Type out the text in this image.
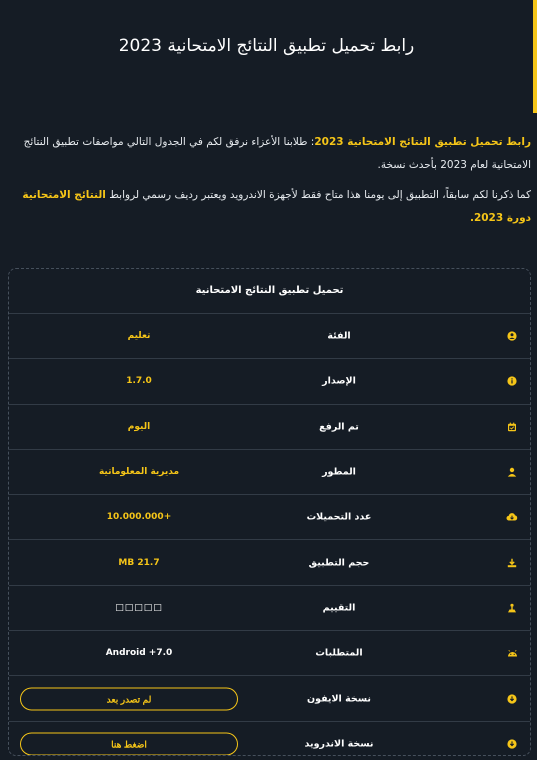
رابط تحميل تطبيق النتائج الامتحانية 2023

رابط تحميل تطبيق النتائج الامتحانية 2023: طلابنا الأعزاء نرفق لكم في الجدول التالي مواصفات تطبيق النتائج الامتحانية لعام 2023 بأحدث نسخة.

كما ذكرنا لكم سابقاً، التطبيق إلى يومنا هذا متاح فقط لأجهزة الاندرويد ويعتبر رديف رسمي لروابط النتائج الامتحانية دورة 2023.

تحميل تطبيق النتائج الامتحانية
الفئة
تعليم
الإصدار
1.7.0
تم الرفع
اليوم
المطور
مديرية المعلوماتية
عدد التحميلات
+10.000.000
حجم التطبيق
21.7 MB
التقييم
□□□□□
المتطلبات
Android +7.0
نسخة الايفون
لم تصدر بعد
نسخة الاندرويد
اضغط هنا
